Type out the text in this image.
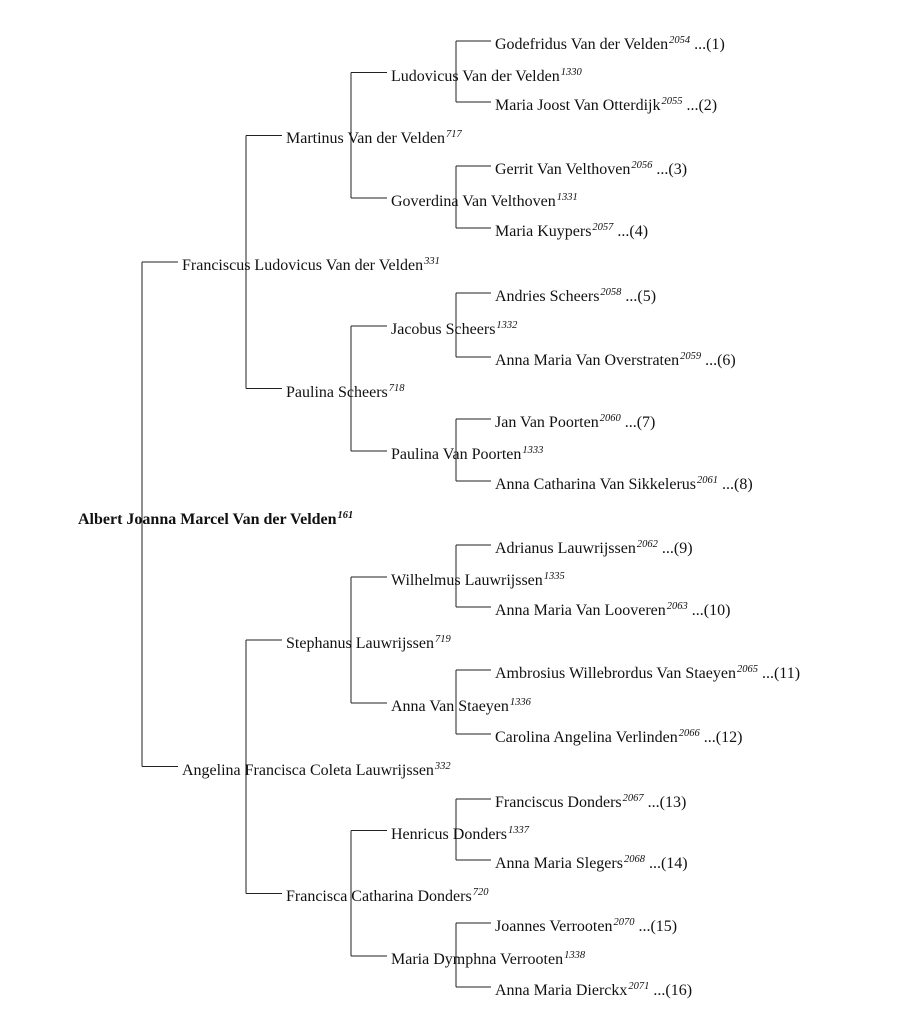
Albert Joanna Marcel Van der Velden$^{161}$
Franciscus Ludovicus Van der Velden$^{331}$
Angelina Francisca Coleta Lauwrijssen$^{332}$
Martinus Van der Velden$^{717}$
Paulina Scheers$^{718}$
Stephanus Lauwrijssen$^{719}$
Francisca Catharina Donders$^{720}$
Ludovicus Van der Velden$^{1330}$
Goverdina Van Velthoven$^{1331}$
Jacobus Scheers$^{1332}$
Paulina Van Poorten$^{1333}$
Wilhelmus Lauwrijssen$^{1335}$
Anna Van Staeyen$^{1336}$
Henricus Donders$^{1337}$
Maria Dymphna Verrooten$^{1338}$
Godefridus Van der Velden$^{2054}$ ...(1)
Maria Joost Van Otterdijk$^{2055}$ ...(2)
Gerrit Van Velthoven$^{2056}$ ...(3)
Maria Kuypers$^{2057}$ ...(4)
Andries Scheers$^{2058}$ ...(5)
Anna Maria Van Overstraten$^{2059}$ ...(6)
Jan Van Poorten$^{2060}$ ...(7)
Anna Catharina Van Sikkelerus$^{2061}$ ...(8)
Adrianus Lauwrijssen$^{2062}$ ...(9)
Anna Maria Van Looveren$^{2063}$ ...(10)
Ambrosius Willebrordus Van Staeyen$^{2065}$ ...(11)
Carolina Angelina Verlinden$^{2066}$ ...(12)
Franciscus Donders$^{2067}$ ...(13)
Anna Maria Slegers$^{2068}$ ...(14)
Joannes Verrooten$^{2070}$ ...(15)
Anna Maria Dierckx$^{2071}$ ...(16)
